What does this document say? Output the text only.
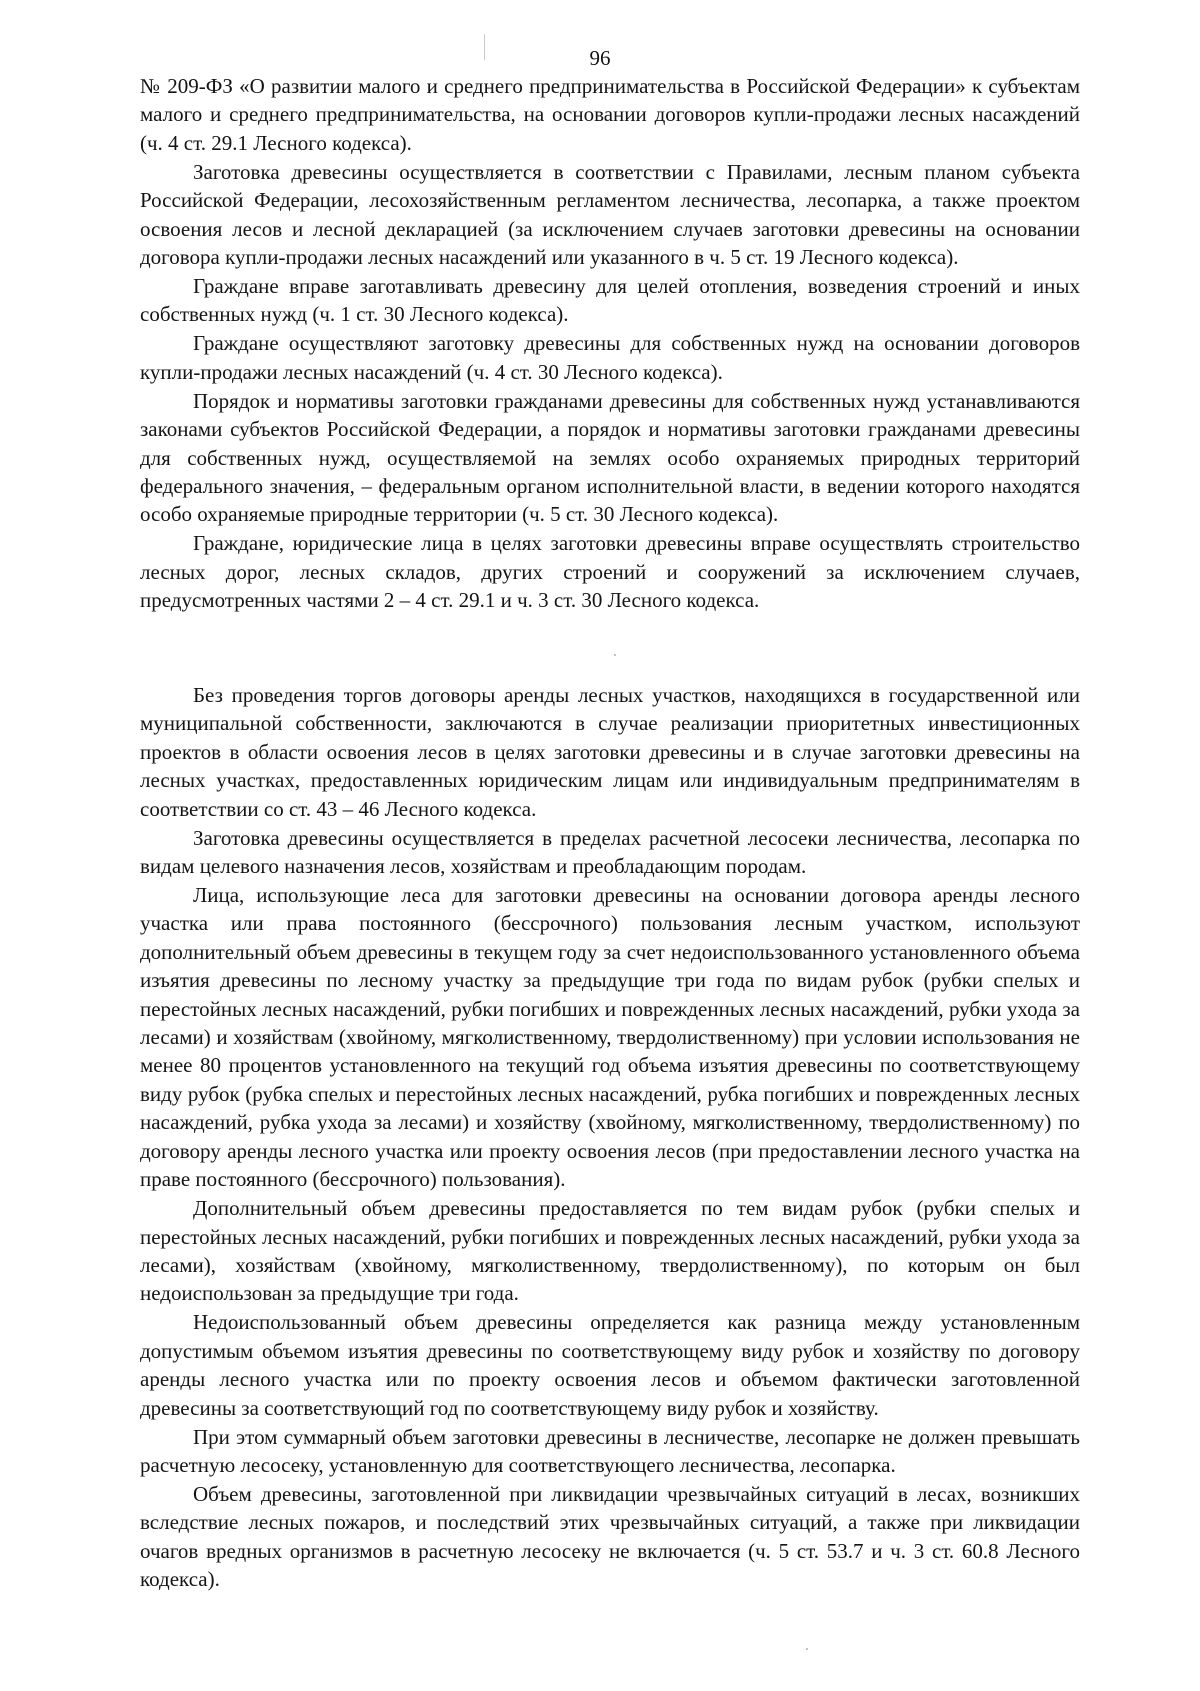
96

№ 209-ФЗ «О развитии малого и среднего предпринимательства в Российской Федерации» к субъектам малого и среднего предпринимательства, на основании договоров купли-продажи лесных насаждений (ч. 4 ст. 29.1 Лесного кодекса).

Заготовка древесины осуществляется в соответствии с Правилами, лесным планом субъекта Российской Федерации, лесохозяйственным регламентом лесничества, лесопарка, а также проектом освоения лесов и лесной декларацией (за исключением случаев заготовки древесины на основании договора купли-продажи лесных насаждений или указанного в ч. 5 ст. 19 Лесного кодекса).

Граждане вправе заготавливать древесину для целей отопления, возведения строений и иных собственных нужд (ч. 1 ст. 30 Лесного кодекса).

Граждане осуществляют заготовку древесины для собственных нужд на основании договоров купли-продажи лесных насаждений (ч. 4 ст. 30 Лесного кодекса).

Порядок и нормативы заготовки гражданами древесины для собственных нужд устанавливаются законами субъектов Российской Федерации, а порядок и нормативы заготовки гражданами древесины для собственных нужд, осуществляемой на землях особо охраняемых природных территорий федерального значения, – федеральным органом исполнительной власти, в ведении которого находятся особо охраняемые природные территории (ч. 5 ст. 30 Лесного кодекса).

Граждане, юридические лица в целях заготовки древесины вправе осуществлять строительство лесных дорог, лесных складов, других строений и сооружений за исключением случаев, предусмотренных частями 2 – 4 ст. 29.1 и ч. 3 ст. 30 Лесного кодекса.

Без проведения торгов договоры аренды лесных участков, находящихся в государственной или муниципальной собственности, заключаются в случае реализации приоритетных инвестиционных проектов в области освоения лесов в целях заготовки древесины и в случае заготовки древесины на лесных участках, предоставленных юридическим лицам или индивидуальным предпринимателям в соответствии со ст. 43 – 46 Лесного кодекса.

Заготовка древесины осуществляется в пределах расчетной лесосеки лесничества, лесопарка по видам целевого назначения лесов, хозяйствам и преобладающим породам.

Лица, использующие леса для заготовки древесины на основании договора аренды лесного участка или права постоянного (бессрочного) пользования лесным участком, используют дополнительный объем древесины в текущем году за счет недоиспользованного установленного объема изъятия древесины по лесному участку за предыдущие три года по видам рубок (рубки спелых и перестойных лесных насаждений, рубки погибших и поврежденных лесных насаждений, рубки ухода за лесами) и хозяйствам (хвойному, мягколиственному, твердолиственному) при условии использования не менее 80 процентов установленного на текущий год объема изъятия древесины по соответствующему виду рубок (рубка спелых и перестойных лесных насаждений, рубка погибших и поврежденных лесных насаждений, рубка ухода за лесами) и хозяйству (хвойному, мягколиственному, твердолиственному) по договору аренды лесного участка или проекту освоения лесов (при предоставлении лесного участка на праве постоянного (бессрочного) пользования).

Дополнительный объем древесины предоставляется по тем видам рубок (рубки спелых и перестойных лесных насаждений, рубки погибших и поврежденных лесных насаждений, рубки ухода за лесами), хозяйствам (хвойному, мягколиственному, твердолиственному), по которым он был недоиспользован за предыдущие три года.

Недоиспользованный объем древесины определяется как разница между установленным допустимым объемом изъятия древесины по соответствующему виду рубок и хозяйству по договору аренды лесного участка или по проекту освоения лесов и объемом фактически заготовленной древесины за соответствующий год по соответствующему виду рубок и хозяйству.

При этом суммарный объем заготовки древесины в лесничестве, лесопарке не должен превышать расчетную лесосеку, установленную для соответствующего лесничества, лесопарка.

Объем древесины, заготовленной при ликвидации чрезвычайных ситуаций в лесах, возникших вследствие лесных пожаров, и последствий этих чрезвычайных ситуаций, а также при ликвидации очагов вредных организмов в расчетную лесосеку не включается (ч. 5 ст. 53.7 и ч. 3 ст. 60.8 Лесного кодекса).
